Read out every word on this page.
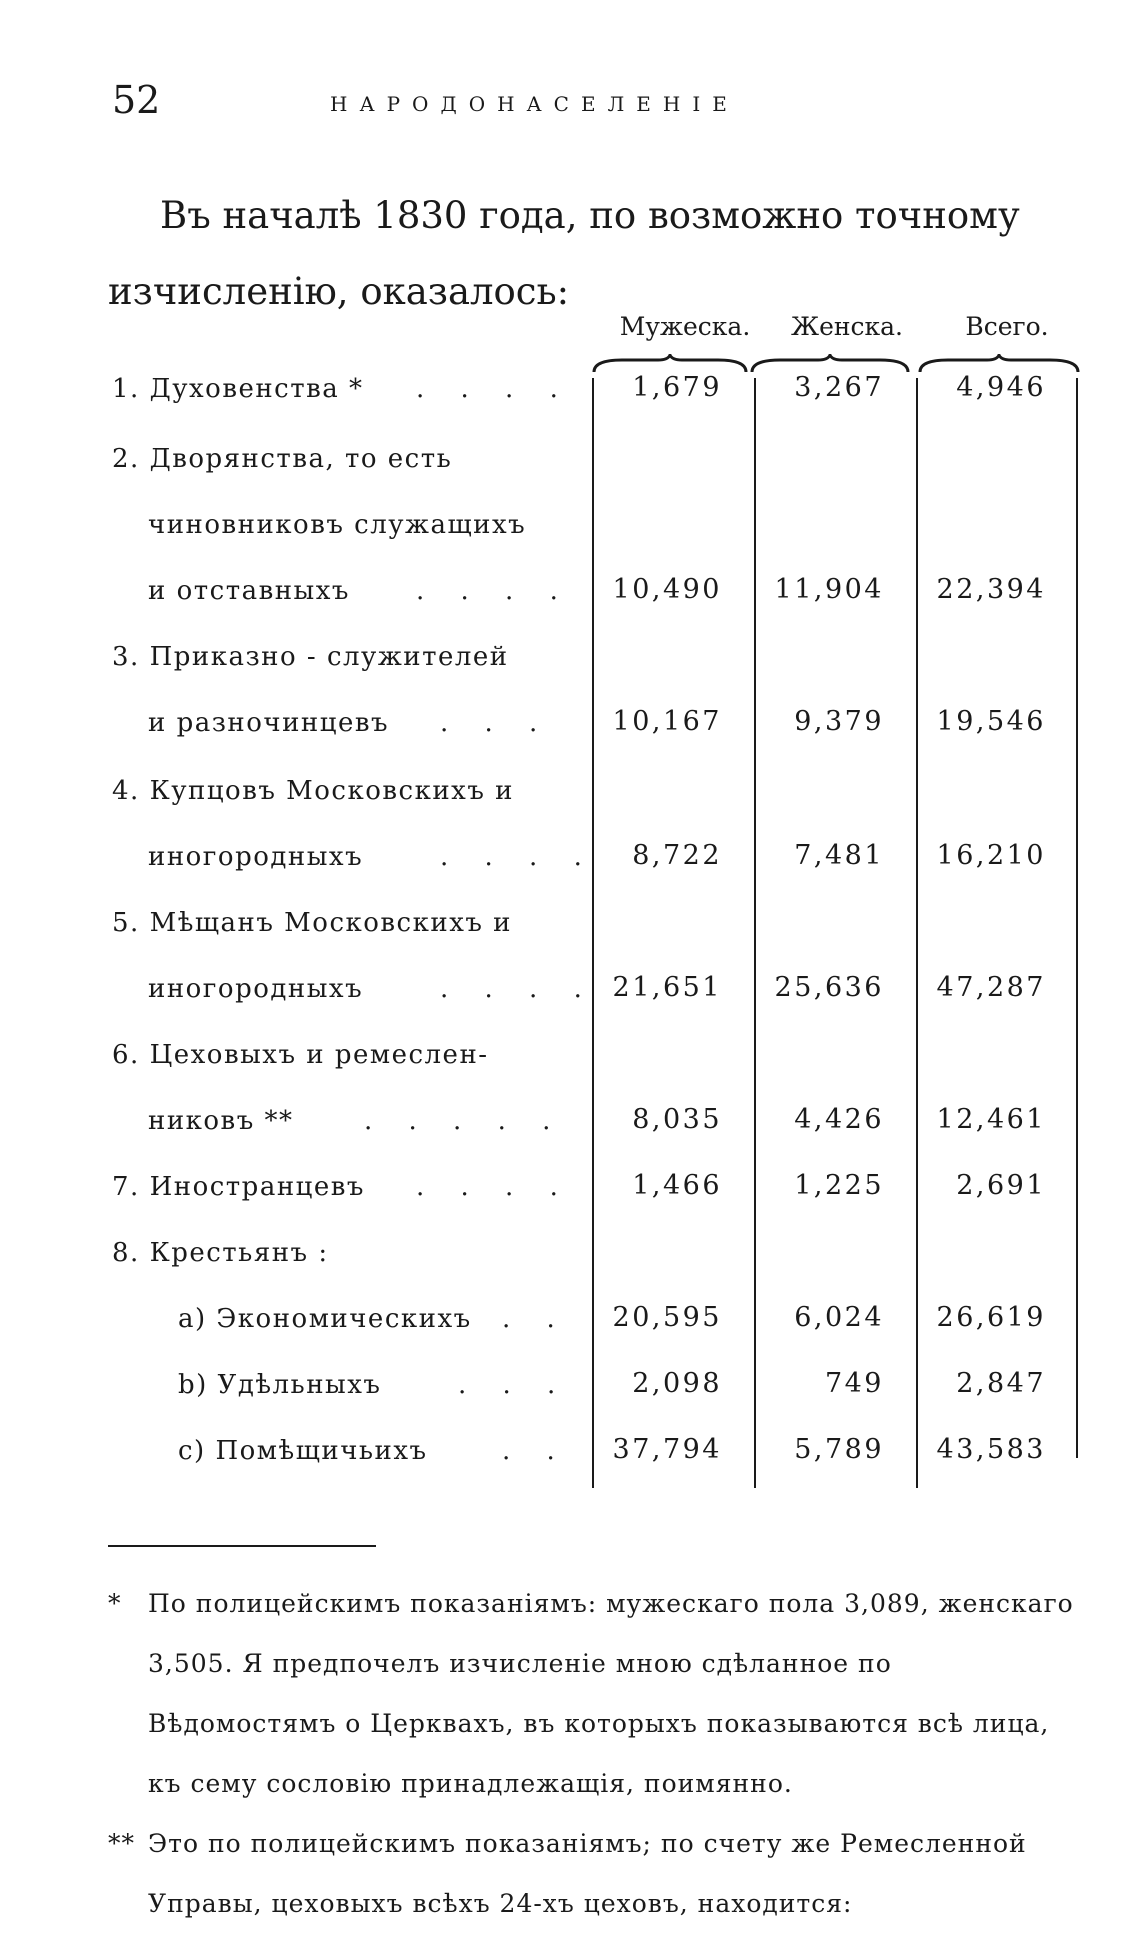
52	НАРОДОНАСЕЛЕНІЕ
Въ началѣ 1830 года, по возможно точному
изчисленію, оказалось:
Мужеска.	Женска.	Всего.
1. Духовенства * . . . .	1,679	3,267	4,946
2. Дворянства, то есть
чиновниковъ служащихъ
и отставныхъ	. . . .	10,490	11,904	22,394
3. Приказно - служителей
и разночинцевъ . . .	10,167	9,379	19,546
4. Купцовъ Московскихъ и
иногородныхъ	. . . .	8,722	7,481	16,210
5. Мѣщанъ Московскихъ и
иногородныхъ	. . . . 21,651	25,636	47,287
6. Цеховыхъ и ремеслен-
никовъ **	. . . . .	8,035	4,426	12,461
7. Иностранцевъ . . . .	1,466	1,225	2,691
8. Крестьянъ :
a) Экономическихъ . .	20,595	6,024	26,619
b) Удѣльныхъ	. . .	2,098	749	2,847
c) Помѣщичьихъ	. .	37,794	5,789	43,583
* По полицейскимъ показаніямъ: мужескаго пола 3,089, женскаго 3,505. Я предпочелъ изчисленіе мною сдѣланное по Вѣдомостямъ о Церквахъ, въ которыхъ показываются всѣ лица, къ сему сословію принадлежащія, поимянно.
** Это по полицейскимъ показаніямъ; по счету же Ремесленной Управы, цеховыхъ всѣхъ 24-хъ цеховъ, находится:
